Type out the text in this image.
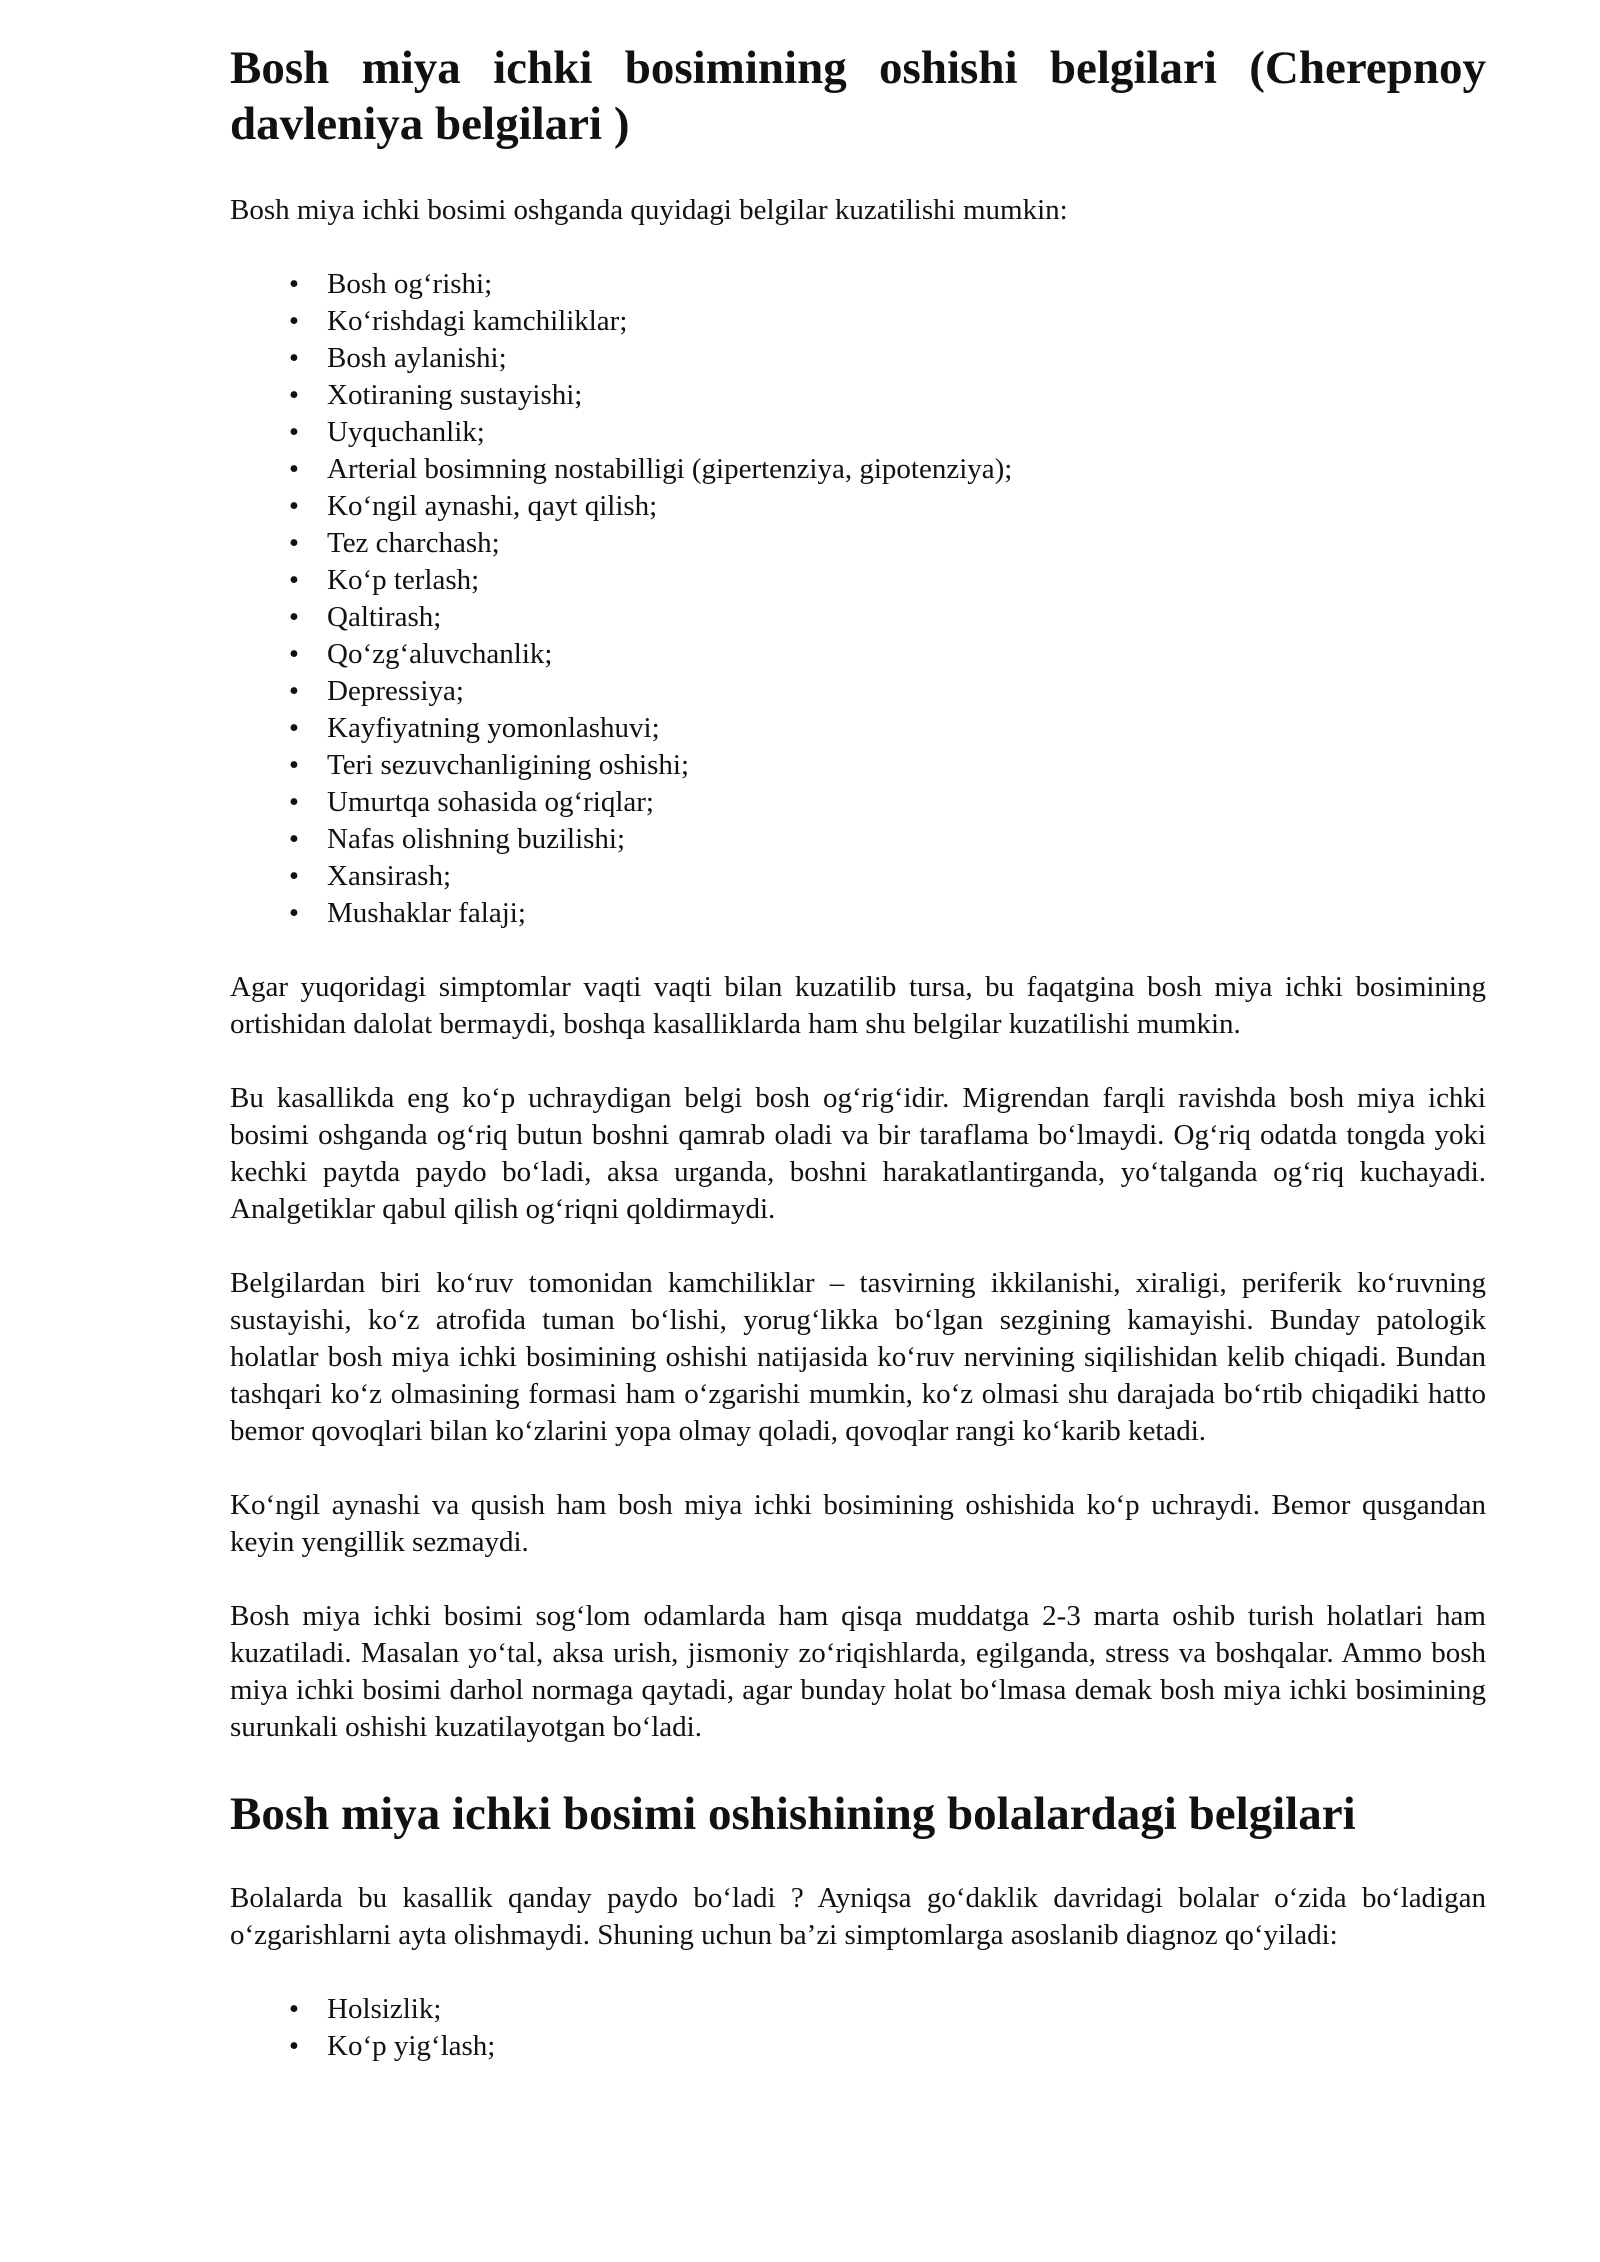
Bosh miya ichki bosimining oshishi belgilari (Cherepnoy davleniya belgilari )

Bosh miya ichki bosimi oshganda quyidagi belgilar kuzatilishi mumkin:

• Bosh og‘rishi;
• Ko‘rishdagi kamchiliklar;
• Bosh aylanishi;
• Xotiraning sustayishi;
• Uyquchanlik;
• Arterial bosimning nostabilligi (gipertenziya, gipotenziya);
• Ko‘ngil aynashi, qayt qilish;
• Tez charchash;
• Ko‘p terlash;
• Qaltirash;
• Qo‘zg‘aluvchanlik;
• Depressiya;
• Kayfiyatning yomonlashuvi;
• Teri sezuvchanligining oshishi;
• Umurtqa sohasida og‘riqlar;
• Nafas olishning buzilishi;
• Xansirash;
• Mushaklar falaji;

Agar yuqoridagi simptomlar vaqti vaqti bilan kuzatilib tursa, bu faqatgina bosh miya ichki bosimining ortishidan dalolat bermaydi, boshqa kasalliklarda ham shu belgilar kuzatilishi mumkin.

Bu kasallikda eng ko‘p uchraydigan belgi bosh og‘rig‘idir. Migrendan farqli ravishda bosh miya ichki bosimi oshganda og‘riq butun boshni qamrab oladi va bir taraflama bo‘lmaydi. Og‘riq odatda tongda yoki kechki paytda paydo bo‘ladi, aksa urganda, boshni harakatlantirganda, yo‘talganda og‘riq kuchayadi. Analgetiklar qabul qilish og‘riqni qoldirmaydi.

Belgilardan biri ko‘ruv tomonidan kamchiliklar – tasvirning ikkilanishi, xiraligi, periferik ko‘ruvning sustayishi, ko‘z atrofida tuman bo‘lishi, yorug‘likka bo‘lgan sezgining kamayishi. Bunday patologik holatlar bosh miya ichki bosimining oshishi natijasida ko‘ruv nervining siqilishidan kelib chiqadi. Bundan tashqari ko‘z olmasining formasi ham o‘zgarishi mumkin, ko‘z olmasi shu darajada bo‘rtib chiqadiki hatto bemor qovoqlari bilan ko‘zlarini yopa olmay qoladi, qovoqlar rangi ko‘karib ketadi.

Ko‘ngil aynashi va qusish ham bosh miya ichki bosimining oshishida ko‘p uchraydi. Bemor qusgandan keyin yengillik sezmaydi.

Bosh miya ichki bosimi sog‘lom odamlarda ham qisqa muddatga 2-3 marta oshib turish holatlari ham kuzatiladi. Masalan yo‘tal, aksa urish, jismoniy zo‘riqishlarda, egilganda, stress va boshqalar. Ammo bosh miya ichki bosimi darhol normaga qaytadi, agar bunday holat bo‘lmasa demak bosh miya ichki bosimining surunkali oshishi kuzatilayotgan bo‘ladi.

Bosh miya ichki bosimi oshishining bolalardagi belgilari

Bolalarda bu kasallik qanday paydo bo‘ladi ? Ayniqsa go‘daklik davridagi bolalar o‘zida bo‘ladigan o‘zgarishlarni ayta olishmaydi. Shuning uchun ba’zi simptomlarga asoslanib diagnoz qo‘yiladi:

• Holsizlik;
• Ko‘p yig‘lash;
